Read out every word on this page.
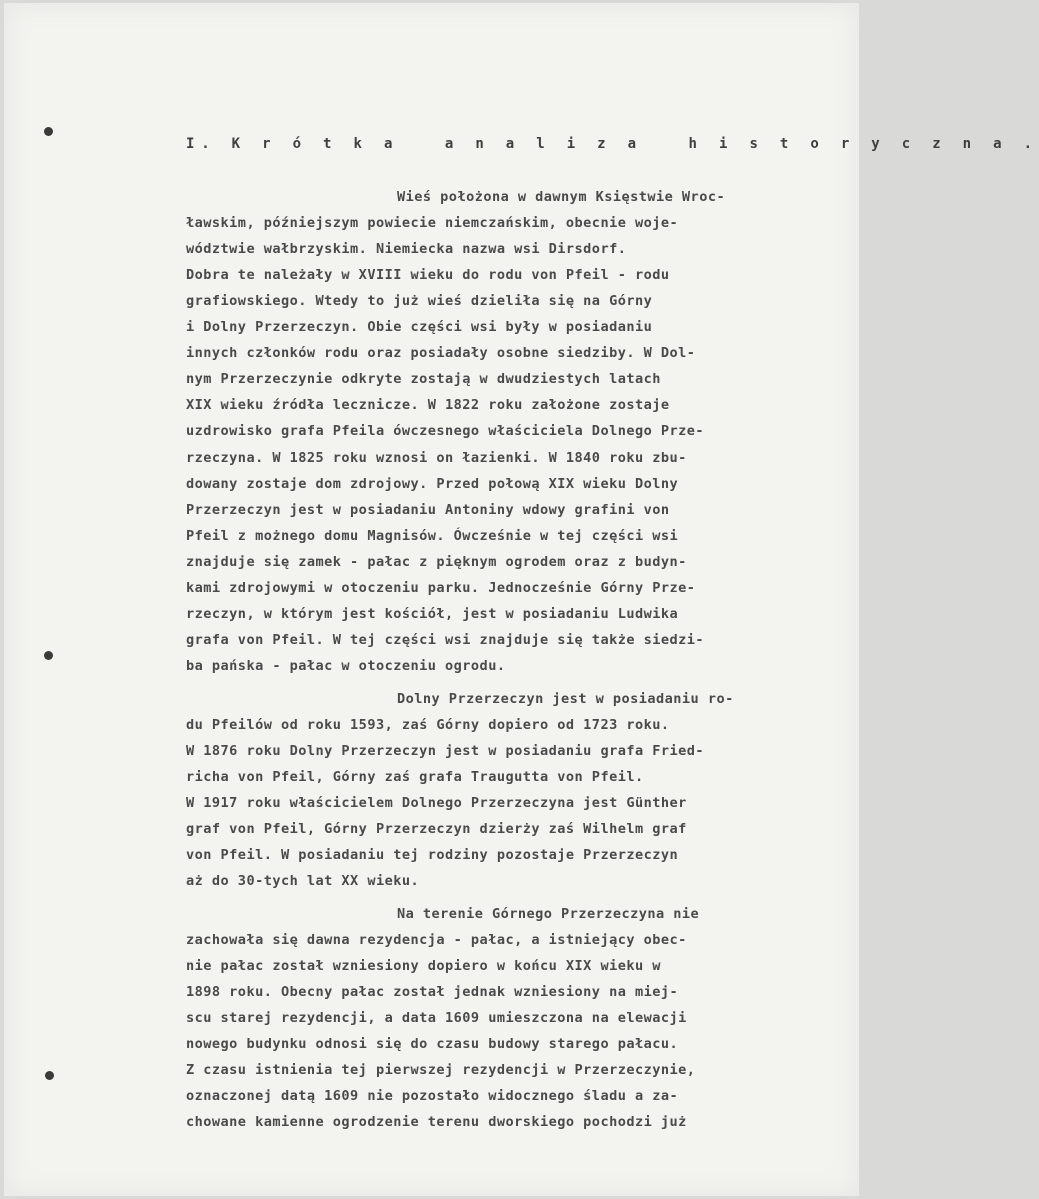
I. K r ó t k a   a n a l i z a   h i s t o r y c z n a .
Wieś położona w dawnym Księstwie Wroc-
ławskim, późniejszym powiecie niemczańskim, obecnie woje-
wództwie wałbrzyskim. Niemiecka nazwa wsi Dirsdorf.
Dobra te należały w XVIII wieku do rodu von Pfeil - rodu
grafiowskiego. Wtedy to już wieś dzieliła się na Górny
i Dolny Przerzeczyn. Obie części wsi były w posiadaniu
innych członków rodu oraz posiadały osobne siedziby. W Dol-
nym Przerzeczynie odkryte zostają w dwudziestych latach
XIX wieku źródła lecznicze. W 1822 roku założone zostaje
uzdrowisko grafa Pfeila ówczesnego właściciela Dolnego Prze-
rzeczyna. W 1825 roku wznosi on łazienki. W 1840 roku zbu-
dowany zostaje dom zdrojowy. Przed połową XIX wieku Dolny
Przerzeczyn jest w posiadaniu Antoniny wdowy grafini von
Pfeil z możnego domu Magnisów. Ówcześnie w tej części wsi
znajduje się zamek - pałac z pięknym ogrodem oraz z budyn-
kami zdrojowymi w otoczeniu parku. Jednocześnie Górny Prze-
rzeczyn, w którym jest kościół, jest w posiadaniu Ludwika
grafa von Pfeil. W tej części wsi znajduje się także siedzi-
ba pańska - pałac w otoczeniu ogrodu.
Dolny Przerzeczyn jest w posiadaniu ro-
du Pfeilów od roku 1593, zaś Górny dopiero od 1723 roku.
W 1876 roku Dolny Przerzeczyn jest w posiadaniu grafa Fried-
richa von Pfeil, Górny zaś grafa Traugutta von Pfeil.
W 1917 roku właścicielem Dolnego Przerzeczyna jest Günther
graf von Pfeil, Górny Przerzeczyn dzierży zaś Wilhelm graf
von Pfeil. W posiadaniu tej rodziny pozostaje Przerzeczyn
aż do 30-tych lat XX wieku.
Na terenie Górnego Przerzeczyna nie
zachowała się dawna rezydencja - pałac, a istniejący obec-
nie pałac został wzniesiony dopiero w końcu XIX wieku w
1898 roku. Obecny pałac został jednak wzniesiony na miej-
scu starej rezydencji, a data 1609 umieszczona na elewacji
nowego budynku odnosi się do czasu budowy starego pałacu.
Z czasu istnienia tej pierwszej rezydencji w Przerzeczynie,
oznaczonej datą 1609 nie pozostało widocznego śladu a za-
chowane kamienne ogrodzenie terenu dworskiego pochodzi już
